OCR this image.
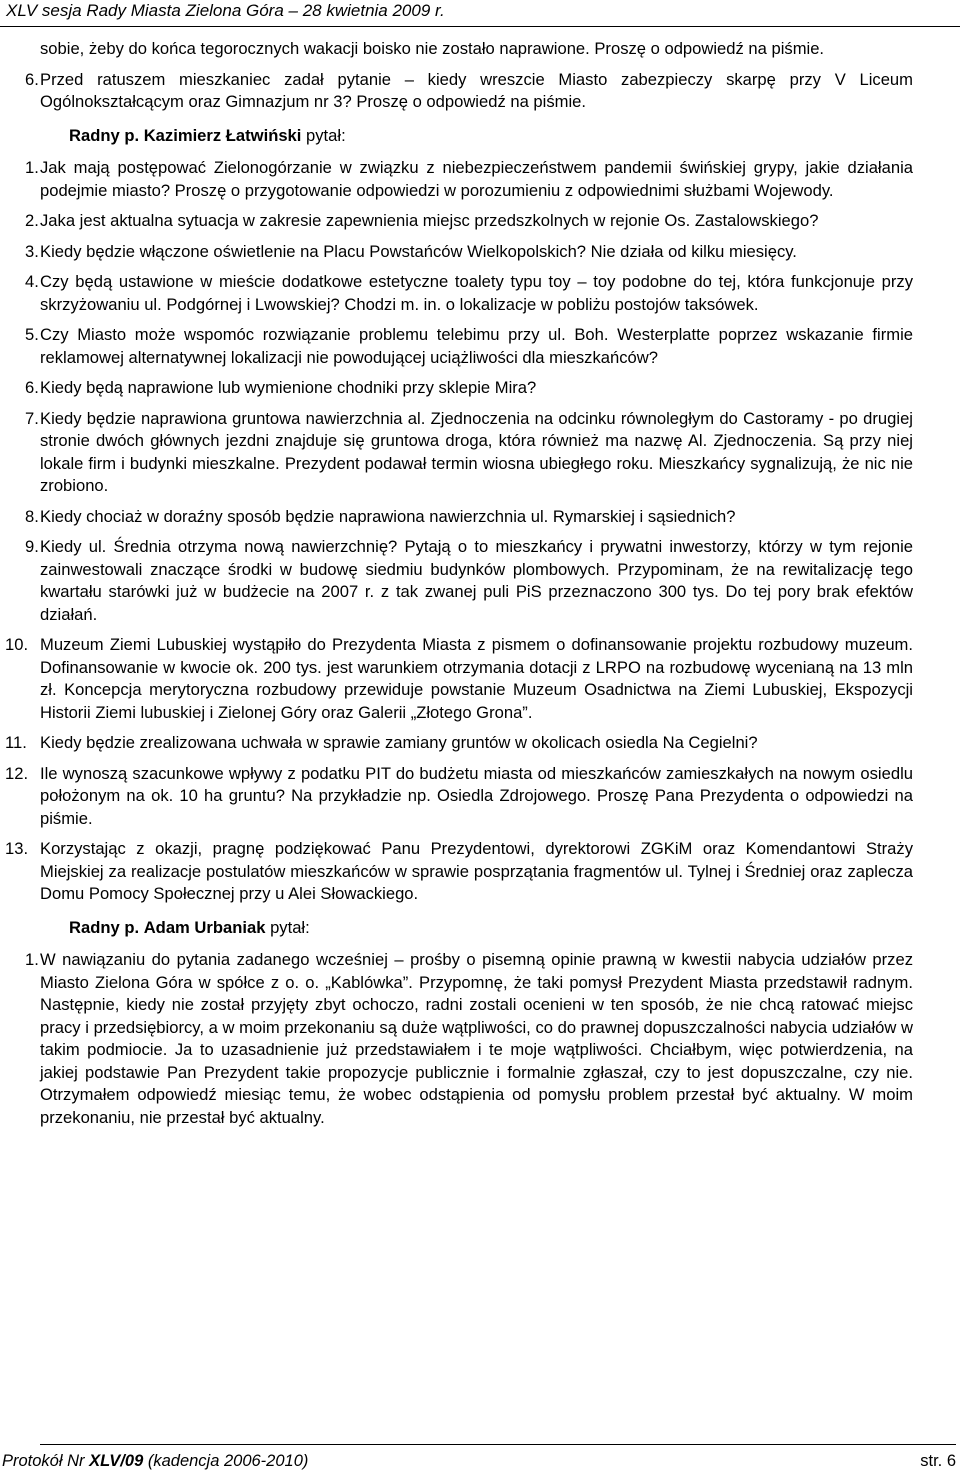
XLV sesja Rady Miasta Zielona Góra – 28 kwietnia 2009 r.
sobie, żeby do końca tegorocznych wakacji boisko nie zostało naprawione. Proszę o odpowiedź na piśmie.
6. Przed ratuszem mieszkaniec zadał pytanie – kiedy wreszcie Miasto zabezpieczy skarpę przy V Liceum Ogólnokształcącym oraz Gimnazjum nr 3? Proszę o odpowiedź na piśmie.
Radny p. Kazimierz Łatwiński pytał:
1. Jak mają postępować Zielonogórzanie w związku z niebezpieczeństwem pandemii świńskiej grypy, jakie działania podejmie miasto? Proszę o przygotowanie odpowiedzi w porozumieniu z odpowiednimi służbami Wojewody.
2. Jaka jest aktualna sytuacja w zakresie zapewnienia miejsc przedszkolnych w rejonie Os. Zastalowskiego?
3. Kiedy będzie włączone oświetlenie na Placu Powstańców Wielkopolskich? Nie działa od kilku miesięcy.
4. Czy będą ustawione w mieście dodatkowe estetyczne toalety typu toy – toy podobne do tej, która funkcjonuje przy skrzyżowaniu ul. Podgórnej i Lwowskiej? Chodzi m. in. o lokalizacje w pobliżu postojów taksówek.
5. Czy Miasto może wspomóc rozwiązanie problemu telebimu przy ul. Boh. Westerplatte poprzez wskazanie firmie reklamowej alternatywnej lokalizacji nie powodującej uciążliwości dla mieszkańców?
6. Kiedy będą naprawione lub wymienione chodniki przy sklepie Mira?
7. Kiedy będzie naprawiona gruntowa nawierzchnia al. Zjednoczenia na odcinku równoległym do Castoramy - po drugiej stronie dwóch głównych jezdni znajduje się gruntowa droga, która również ma nazwę Al. Zjednoczenia. Są przy niej lokale firm i budynki mieszkalne. Prezydent podawał termin wiosna ubiegłego roku. Mieszkańcy sygnalizują, że nic nie zrobiono.
8. Kiedy chociaż w doraźny sposób będzie naprawiona nawierzchnia ul. Rymarskiej i sąsiednich?
9. Kiedy ul. Średnia otrzyma nową nawierzchnię? Pytają o to mieszkańcy i prywatni inwestorzy, którzy w tym rejonie zainwestowali znaczące środki w budowę siedmiu budynków plombowych. Przypominam, że na rewitalizację tego kwartału starówki już w budżecie na 2007 r. z tak zwanej puli PiS przeznaczono 300 tys. Do tej pory brak efektów działań.
10. Muzeum Ziemi Lubuskiej wystąpiło do Prezydenta Miasta z pismem o dofinansowanie projektu rozbudowy muzeum. Dofinansowanie w kwocie ok. 200 tys. jest warunkiem otrzymania dotacji z LRPO na rozbudowę wycenianą na 13 mln zł. Koncepcja merytoryczna rozbudowy przewiduje powstanie Muzeum Osadnictwa na Ziemi Lubuskiej, Ekspozycji Historii Ziemi lubuskiej i Zielonej Góry oraz Galerii „Złotego Grona”.
11. Kiedy będzie zrealizowana uchwała w sprawie zamiany gruntów w okolicach osiedla Na Cegielni?
12. Ile wynoszą szacunkowe wpływy z podatku PIT do budżetu miasta od mieszkańców zamieszkałych na nowym osiedlu położonym na ok. 10 ha gruntu? Na przykładzie np. Osiedla Zdrojowego. Proszę Pana Prezydenta o odpowiedzi na piśmie.
13. Korzystając z okazji, pragnę podziękować Panu Prezydentowi, dyrektorowi ZGKiM oraz Komendantowi Straży Miejskiej za realizacje postulatów mieszkańców w sprawie posprzątania fragmentów ul. Tylnej i Średniej oraz zaplecza Domu Pomocy Społecznej przy u Alei Słowackiego.
Radny p. Adam Urbaniak pytał:
1. W nawiązaniu do pytania zadanego wcześniej – prośby o pisemną opinie prawną w kwestii nabycia udziałów przez Miasto Zielona Góra w spółce z o. o. „Kablówka”. Przypomnę, że taki pomysł Prezydent Miasta przedstawił radnym. Następnie, kiedy nie został przyjęty zbyt ochoczo, radni zostali ocenieni w ten sposób, że nie chcą ratować miejsc pracy i przedsiębiorcy, a w moim przekonaniu są duże wątpliwości, co do prawnej dopuszczalności nabycia udziałów w takim podmiocie. Ja to uzasadnienie już przedstawiałem i te moje wątpliwości. Chciałbym, więc potwierdzenia, na jakiej podstawie Pan Prezydent takie propozycje publicznie i formalnie zgłaszał, czy to jest dopuszczalne, czy nie. Otrzymałem odpowiedź miesiąc temu, że wobec odstąpienia od pomysłu problem przestał być aktualny. W moim przekonaniu, nie przestał być aktualny.
Protokół Nr XLV/09 (kadencja 2006-2010)	str. 6
